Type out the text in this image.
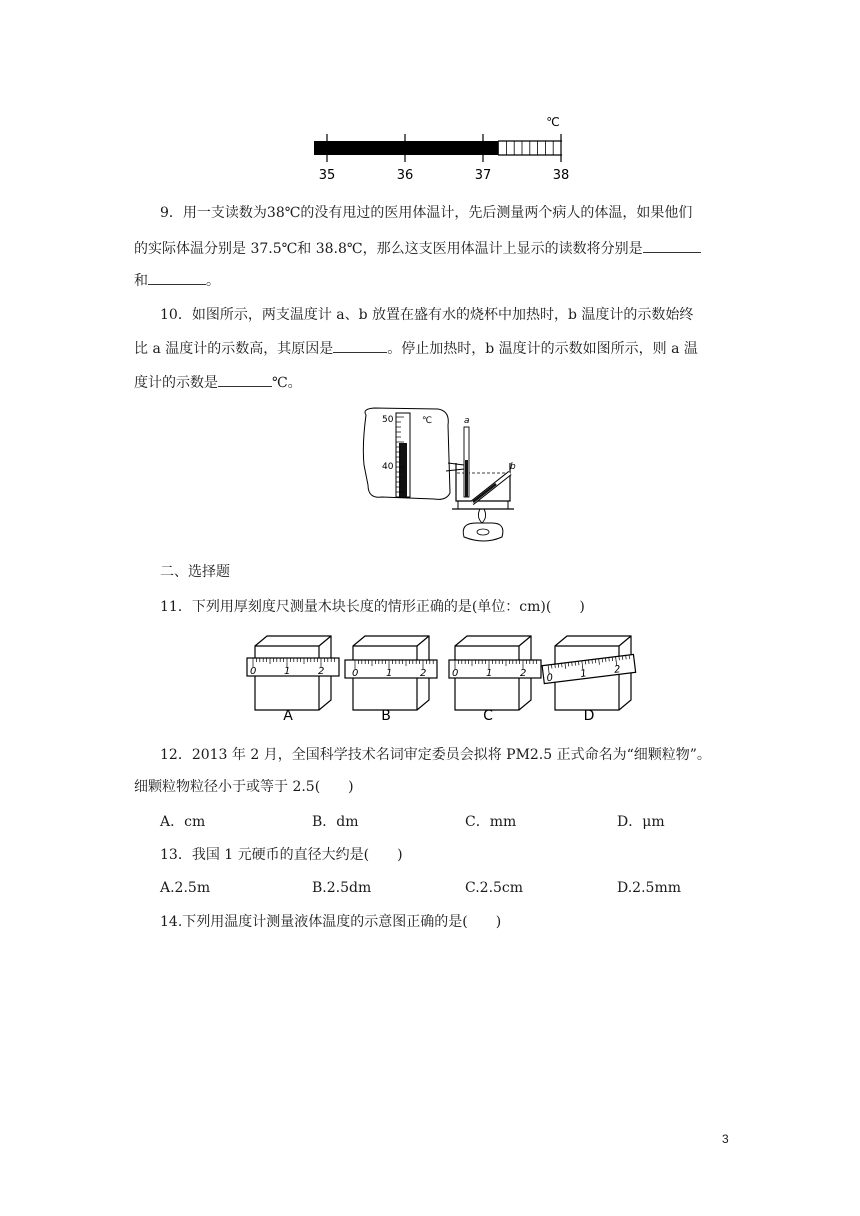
35	36	37	38
℃
9．用一支读数为38℃的没有甩过的医用体温计，先后测量两个病人的体温，如果他们
的实际体温分别是 37.5℃和 38.8℃，那么这支医用体温计上显示的读数将分别是
和	。
10．如图所示，两支温度计 a、b 放置在盛有水的烧杯中加热时，b 温度计的示数始终
比 a 温度计的示数高，其原因是	。停止加热时，b 温度计的示数如图所示，则 a 温
度计的示数是	℃。
50
40
℃	a
b
二、选择题
11．下列用厚刻度尺测量木块长度的情形正确的是(单位：cm)(　　)
0	1	2	0	1	2	0	1	2 0	1	2
A	B	C	D
12．2013 年 2 月，全国科学技术名词审定委员会拟将 PM2.5 正式命名为“细颗粒物”。
细颗粒物粒径小于或等于 2.5(　　)
A．cm	B．dm	C．mm	D．μm
13．我国 1 元硬币的直径大约是(　　)
A.2.5m	B.2.5dm	C.2.5cm	D.2.5mm
14.下列用温度计测量液体温度的示意图正确的是(　　)
3
